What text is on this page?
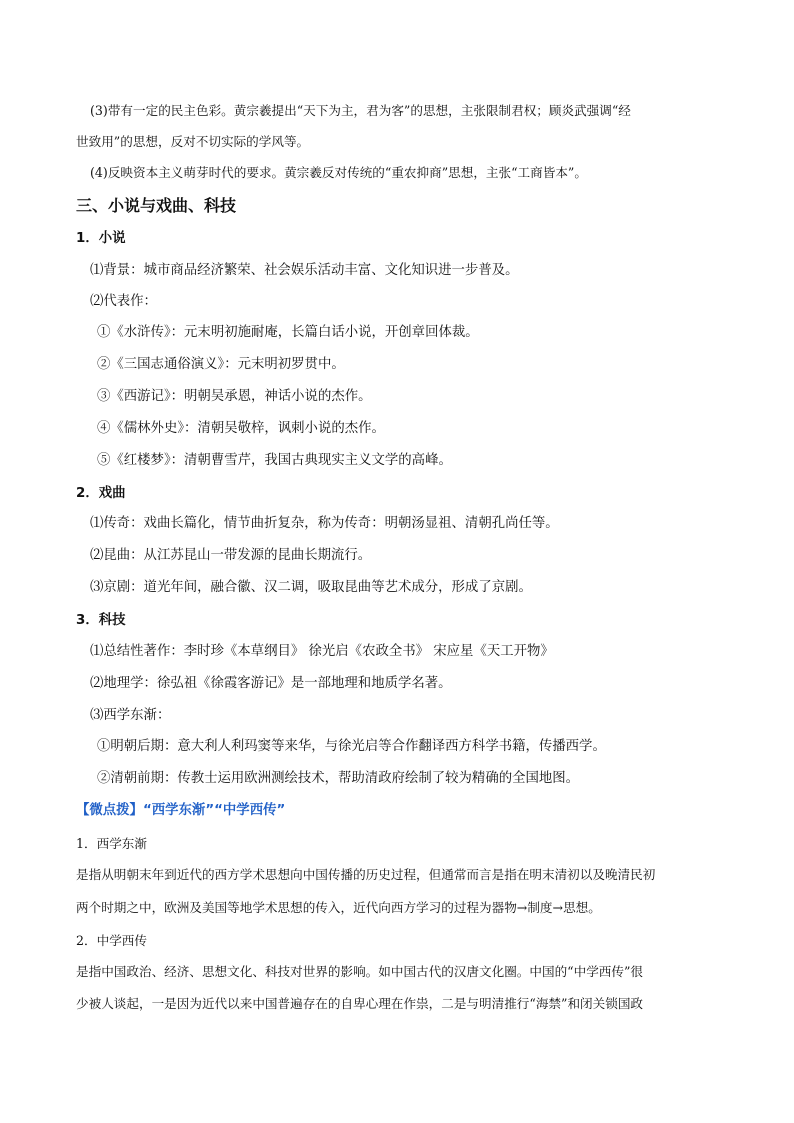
(3)带有一定的民主色彩。黄宗羲提出“天下为主，君为客”的思想，主张限制君权；顾炎武强调“经
世致用”的思想，反对不切实际的学风等。
(4)反映资本主义萌芽时代的要求。黄宗羲反对传统的“重农抑商”思想，主张“工商皆本”。
三、小说与戏曲、科技
1．小说
⑴背景：城市商品经济繁荣、社会娱乐活动丰富、文化知识进一步普及。
⑵代表作：
①《水浒传》：元末明初施耐庵，长篇白话小说，开创章回体裁。
②《三国志通俗演义》：元末明初罗贯中。
③《西游记》：明朝吴承恩，神话小说的杰作。
④《儒林外史》：清朝吴敬梓，讽刺小说的杰作。
⑤《红楼梦》：清朝曹雪芹，我国古典现实主义文学的高峰。
2．戏曲
⑴传奇：戏曲长篇化，情节曲折复杂，称为传奇：明朝汤显祖、清朝孔尚任等。
⑵昆曲：从江苏昆山一带发源的昆曲长期流行。
⑶京剧：道光年间，融合徽、汉二调，吸取昆曲等艺术成分，形成了京剧。
3．科技
⑴总结性著作：李时珍《本草纲目》 徐光启《农政全书》 宋应星《天工开物》
⑵地理学：徐弘祖《徐霞客游记》是一部地理和地质学名著。
⑶西学东渐：
①明朝后期：意大利人利玛窦等来华，与徐光启等合作翻译西方科学书籍，传播西学。
②清朝前期：传教士运用欧洲测绘技术，帮助清政府绘制了较为精确的全国地图。
【微点拨】“西学东渐”“中学西传”
1．西学东渐
是指从明朝末年到近代的西方学术思想向中国传播的历史过程，但通常而言是指在明末清初以及晚清民初
两个时期之中，欧洲及美国等地学术思想的传入，近代向西方学习的过程为器物→制度→思想。
2．中学西传
是指中国政治、经济、思想文化、科技对世界的影响。如中国古代的汉唐文化圈。中国的“中学西传”很
少被人谈起，一是因为近代以来中国普遍存在的自卑心理在作祟，二是与明清推行“海禁”和闭关锁国政
